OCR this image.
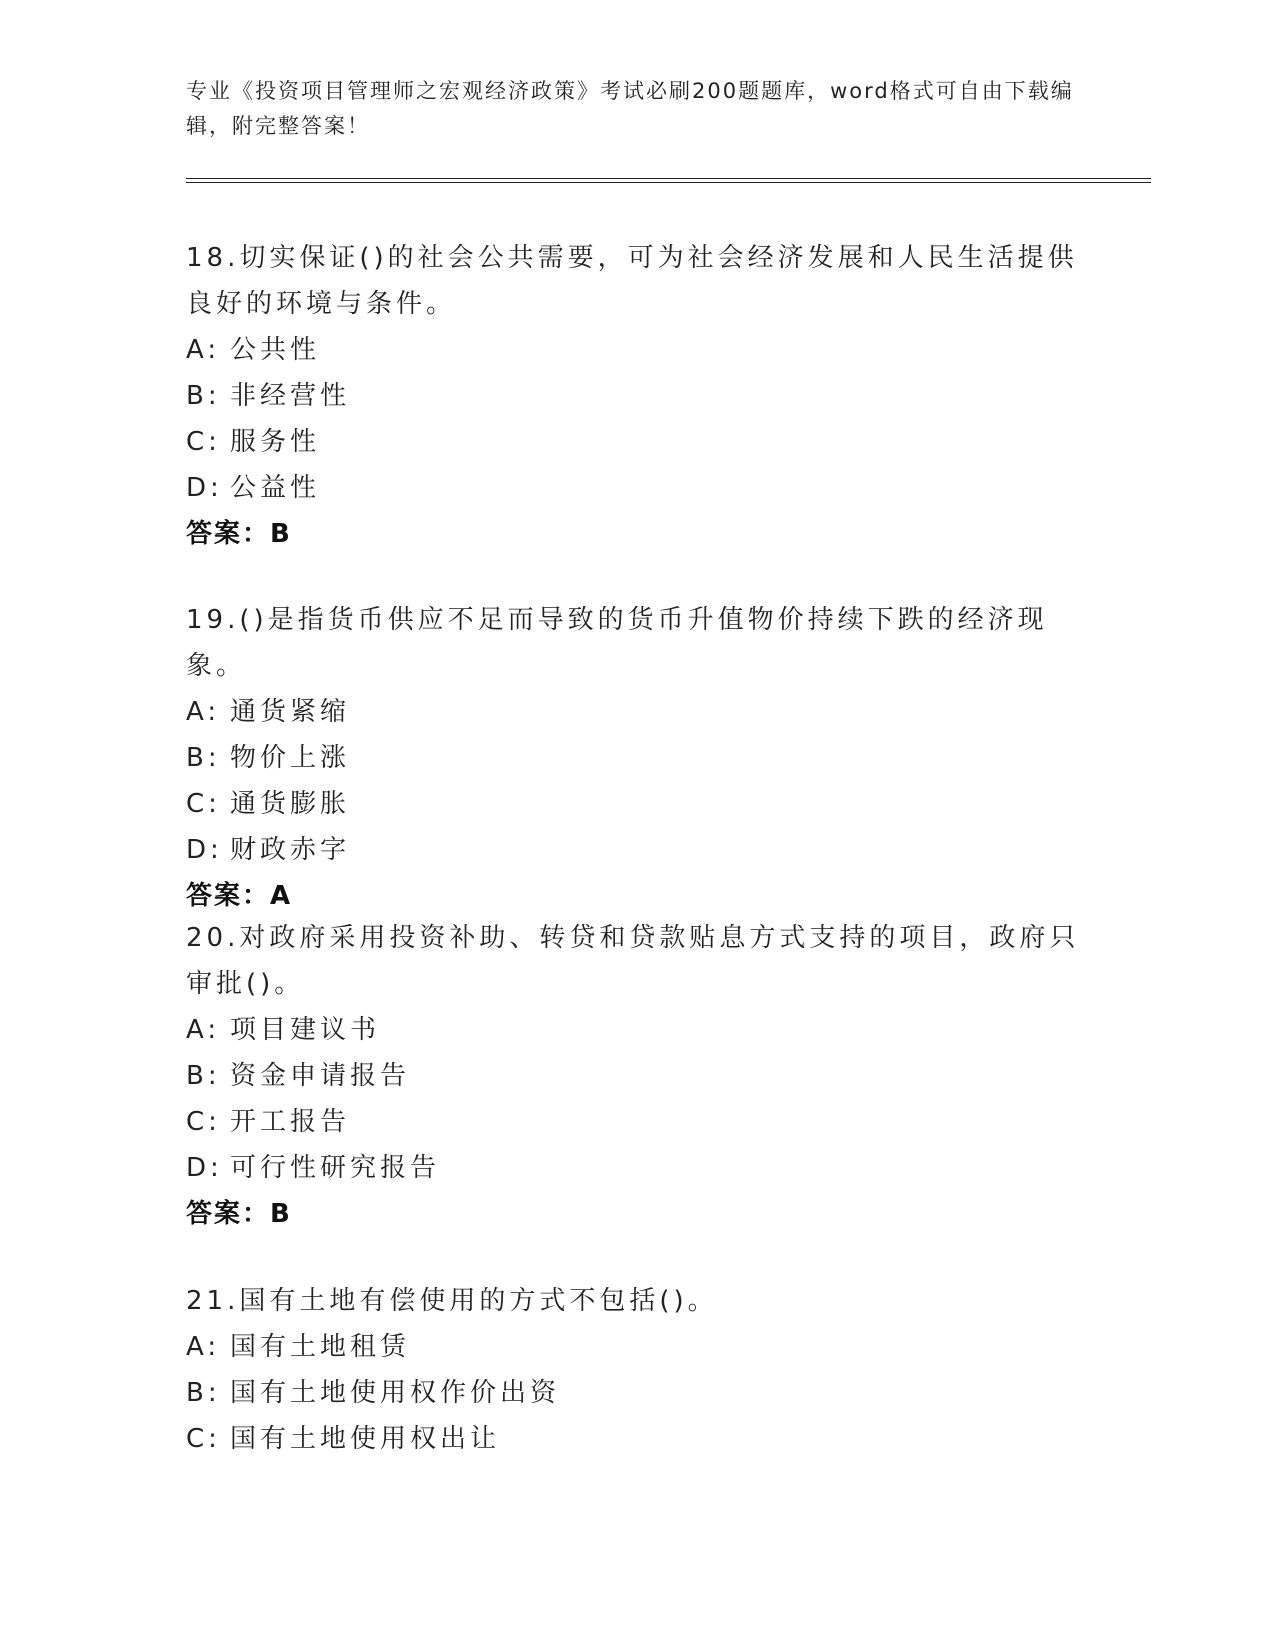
专业《投资项目管理师之宏观经济政策》考试必刷200题题库，word格式可自由下载编辑，附完整答案！
18.切实保证()的社会公共需要，可为社会经济发展和人民生活提供良好的环境与条件。
A: 公共性
B: 非经营性
C: 服务性
D: 公益性
答案：B
19.()是指货币供应不足而导致的货币升值物价持续下跌的经济现象。
A: 通货紧缩
B: 物价上涨
C: 通货膨胀
D: 财政赤字
答案：A
20.对政府采用投资补助、转贷和贷款贴息方式支持的项目，政府只审批()。
A: 项目建议书
B: 资金申请报告
C: 开工报告
D: 可行性研究报告
答案：B
21.国有土地有偿使用的方式不包括()。
A: 国有土地租赁
B: 国有土地使用权作价出资
C: 国有土地使用权出让
